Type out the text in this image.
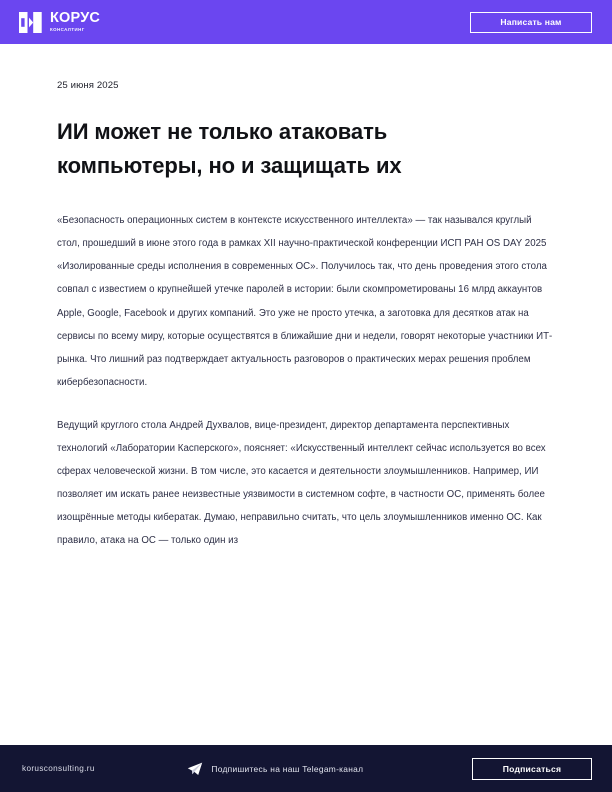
КОРУС
КОНСАЛТИНГ
Написать нам
25 июня 2025
ИИ может не только атаковать компьютеры, но и защищать их

«Безопасность операционных систем в контексте искусственного интеллекта» — так назывался круглый стол, прошедший в июне этого года в рамках XII научно-практической конференции ИСП РАН OS DAY 2025 «Изолированные среды исполнения в современных ОС». Получилось так, что день проведения этого стола совпал с известием о крупнейшей утечке паролей в истории: были скомпрометированы 16 млрд аккаунтов Apple, Google, Facebook и других компаний. Это уже не просто утечка, а заготовка для десятков атак на сервисы по всему миру, которые осуществятся в ближайшие дни и недели, говорят некоторые участники ИТ-рынка. Что лишний раз подтверждает актуальность разговоров о практических мерах решения проблем кибербезопасности.

Ведущий круглого стола Андрей Духвалов, вице-президент, директор департамента перспективных технологий «Лаборатории Касперского», поясняет: «Искусственный интеллект сейчас используется во всех сферах человеческой жизни. В том числе, это касается и деятельности злоумышленников. Например, ИИ позволяет им искать ранее неизвестные уязвимости в системном софте, в частности ОС, применять более изощрённые методы кибератак. Думаю, неправильно считать, что цель злоумышленников именно ОС. Как правило, атака на ОС — только один из

korusconsulting.ru	Подпишитесь на наш Telegam-канал	Подписаться
